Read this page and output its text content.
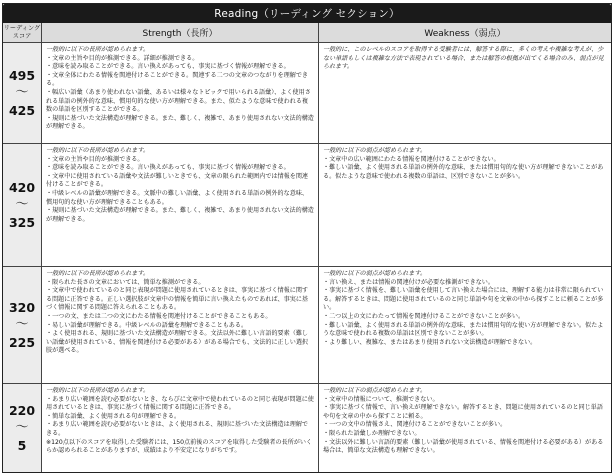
Reading（リーディング セクション）
リーディング
スコア	Strength（長所）	Weakness（弱点）
495
～
425
一般的に以下の長所が認められます。
・文章の主旨や目的が推測できる。詳細が推測できる。
・意味を読み取ることができる。言い換えがあっても、事実に基づく情報が理解できる。
・文章全体にわたる情報を関連付けることができる。関連する二つの文章のつながりを理解できる。
・幅広い語彙（あまり使われない語彙、あるいは様々なトピックで用いられる語彙）、よく使用される単語の例外的な意味、慣用句的な使い方が理解できる。また、似たような意味で使われる複数の単語を区別することができる。
・規則に基づいた文法構造が理解できる。また、難しく、複雑で、あまり使用されない文法的構造が理解できる。
一般的に、このレベルのスコアを取得する受験者には、解答する際に、多くの考えや複雑な考えが、少ない単語もしくは複雑な方法で表現されている場合、または解答の根拠が出てくる場合のみ、弱点が見られます。
420
～
325
一般的に以下の長所が認められます。
・文章の主旨や目的が推測できる。
・意味を読み取ることができる。言い換えがあっても、事実に基づく情報が理解できる。
・文章中に使用されている語彙や文法が難しいときでも、文章の限られた範囲内では情報を関連付けることができる。
・中級レベルの語彙が理解できる。文脈中の難しい語彙、よく使用される単語の例外的な意味、慣用句的な使い方が理解できることもある。
・規則に基づいた文法構造が理解できる。また、難しく、複雑で、あまり使用されない文法的構造が理解できる。
一般的に以下の弱点が認められます。
・文章中の広い範囲にわたる情報を関連付けることができない。
・難しい語彙、よく使用される単語の例外的な意味、または慣用句的な使い方が理解できないことがある。似たような意味で使われる複数の単語は、区別できないことが多い。
320
～
225
一般的に以下の長所が認められます。
・限られた長さの文章においては、簡単な推測ができる。
・文章中で使われているのと同じ表現が問題に使用されているときは、事実に基づく情報に関する問題に正答できる。正しい選択肢が文章中の情報を簡単に言い換えたものであれば、事実に基づく情報に関する問題に答えられることもある。
・一つの文、または二つの文にわたる情報を関連付けることができることもある。
・易しい語彙が理解できる。中級レベルの語彙を理解できることもある。
・よく使用される、規則に基づいた文法構造が理解できる。文法以外に難しい言語的要素（難しい語彙が使用されている、情報を関連付ける必要がある）がある場合でも、文法的に正しい選択肢が選べる。
一般的に以下の弱点が認められます。
・言い換え、または情報の関連付けが必要な推測ができない。
・事実に基づく情報を、難しい語彙を使用して言い換えた場合には、理解する能力は非常に限られている。解答するときは、問題に使用されているのと同じ単語や句を文章の中から探すことに頼ることが多い。
・二つ以上の文にわたって情報を関連付けることができないことが多い。
・難しい語彙、よく使用される単語の例外的な意味、または慣用句的な使い方が理解できない。似たような意味で使われる複数の単語は区別できないことが多い。
・より難しい、複雑な、またはあまり使用されない文法構造が理解できない。
220
～
5
一般的に以下の長所が認められます。
・あまり広い範囲を読む必要がないとき、ならびに文章中で使われているのと同じ表現が問題に使用されているときは、事実に基づく情報に関する問題に正答できる。
・簡単な語彙、よく使用される句が理解できる。
・あまり広い範囲を読む必要がないときは、よく使用される、規則に基づいた文法構造は理解できる。
※120点以下のスコアを取得した受験者には、150点前後のスコアを取得した受験者の長所がいくらか認められることがありますが、成績はより不安定になりがちです。
一般的に以下の弱点が認められます。
・文章中の情報について、推測できない。
・事実に基づく情報で、言い換えが理解できない。解答するとき、問題に使用されているのと同じ単語や句を文章の中から探すことに頼る。
・一つの文中の情報さえ、関連付けることができないことが多い。
・限られた語彙しか理解できない。
・文法以外に難しい言語的要素（難しい語彙が使用されている、情報を関連付ける必要がある）がある場合は、簡単な文法構造も理解できない。
